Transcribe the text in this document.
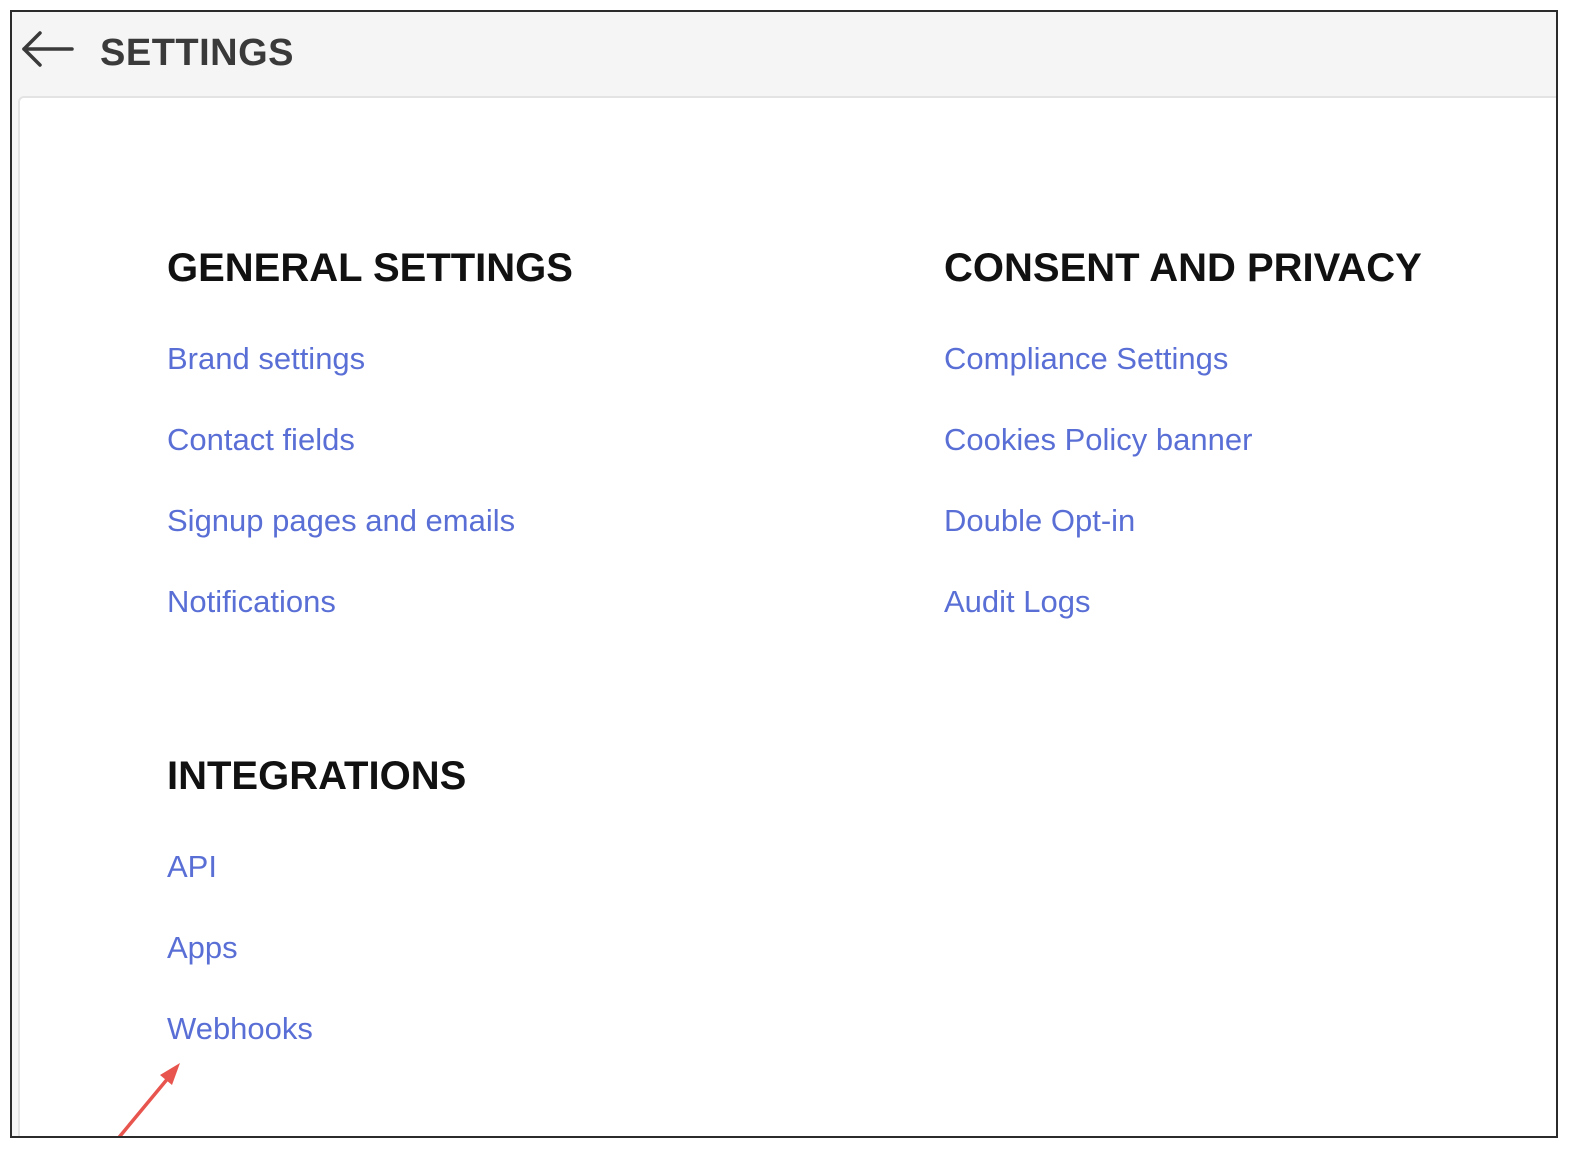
SETTINGS
GENERAL SETTINGS
Brand settings
Contact fields
Signup pages and emails
Notifications
CONSENT AND PRIVACY
Compliance Settings
Cookies Policy banner
Double Opt-in
Audit Logs
INTEGRATIONS
API
Apps
Webhooks
